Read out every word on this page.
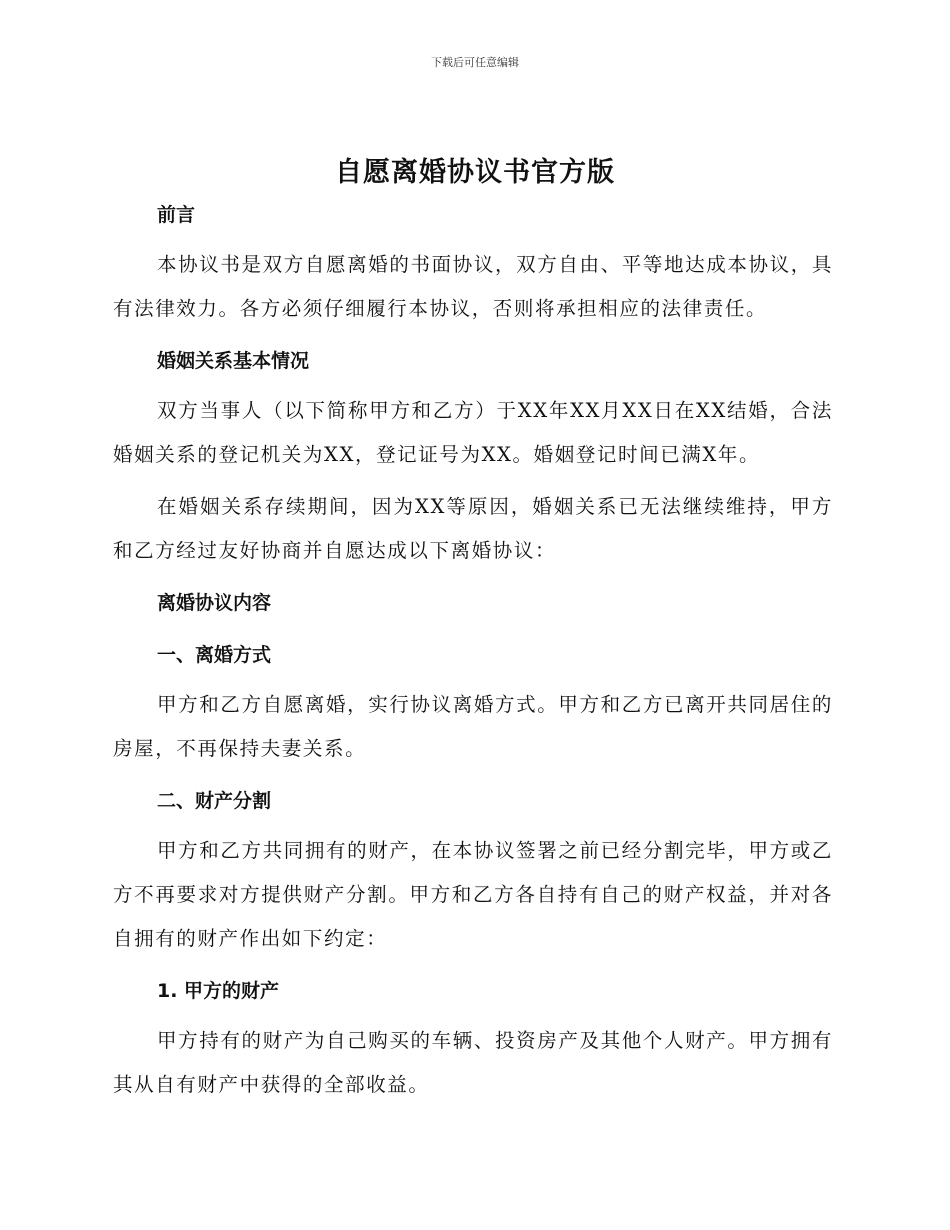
下载后可任意编辑
自愿离婚协议书官方版

前言

本协议书是双方自愿离婚的书面协议，双方自由、平等地达成本协议，具有法律效力。各方必须仔细履行本协议，否则将承担相应的法律责任。

婚姻关系基本情况

双方当事人（以下简称甲方和乙方）于XX年XX月XX日在XX结婚，合法婚姻关系的登记机关为XX，登记证号为XX。婚姻登记时间已满X年。

在婚姻关系存续期间，因为XX等原因，婚姻关系已无法继续维持，甲方和乙方经过友好协商并自愿达成以下离婚协议：

离婚协议内容

一、离婚方式

甲方和乙方自愿离婚，实行协议离婚方式。甲方和乙方已离开共同居住的房屋，不再保持夫妻关系。

二、财产分割

甲方和乙方共同拥有的财产，在本协议签署之前已经分割完毕，甲方或乙方不再要求对方提供财产分割。甲方和乙方各自持有自己的财产权益，并对各自拥有的财产作出如下约定：

1. 甲方的财产

甲方持有的财产为自己购买的车辆、投资房产及其他个人财产。甲方拥有其从自有财产中获得的全部收益。
